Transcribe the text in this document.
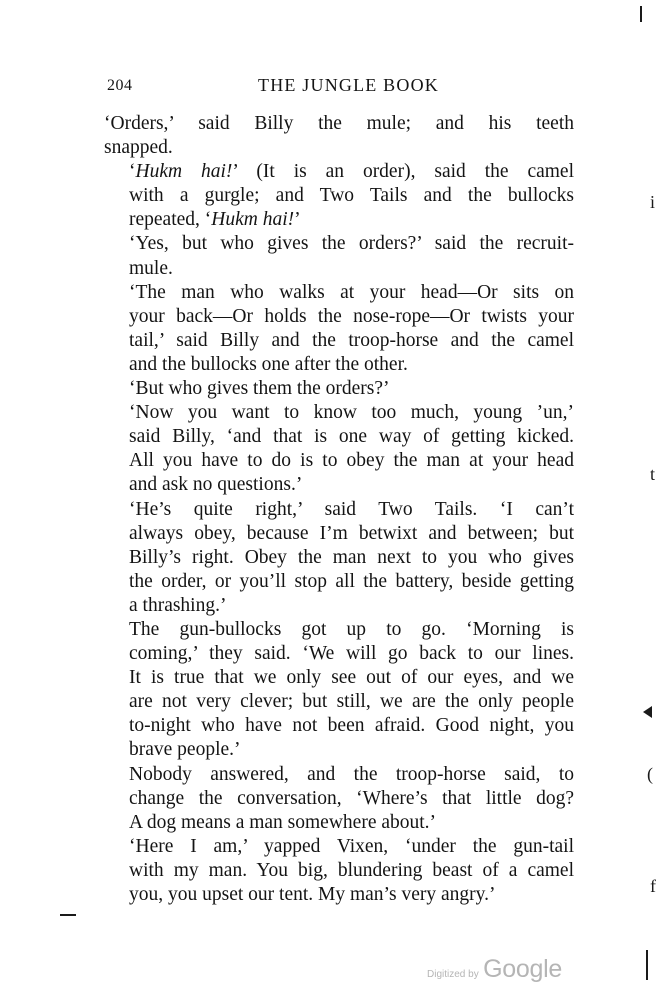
204	THE JUNGLE BOOK

‘Orders,’ said Billy the mule; and his teeth
snapped.

‘Hukm hai!’ (It is an order), said the camel
with a gurgle; and Two Tails and the bullocks
repeated, ‘Hukm hai!’

‘Yes, but who gives the orders?’ said the recruit-
mule.

‘The man who walks at your head—Or sits on
your back—Or holds the nose-rope—Or twists your
tail,’ said Billy and the troop-horse and the camel
and the bullocks one after the other.

‘But who gives them the orders?’

‘Now you want to know too much, young ’un,’
said Billy, ‘and that is one way of getting kicked.
All you have to do is to obey the man at your head
and ask no questions.’

‘He’s quite right,’ said Two Tails. ‘I can’t
always obey, because I’m betwixt and between; but
Billy’s right. Obey the man next to you who gives
the order, or you’ll stop all the battery, beside getting
a thrashing.’

The gun-bullocks got up to go. ‘Morning is
coming,’ they said. ‘We will go back to our lines.
It is true that we only see out of our eyes, and we
are not very clever; but still, we are the only people
to-night who have not been afraid. Good night, you
brave people.’

Nobody answered, and the troop-horse said, to
change the conversation, ‘Where’s that little dog?
A dog means a man somewhere about.’

‘Here I am,’ yapped Vixen, ‘under the gun-tail
with my man. You big, blundering beast of a camel
you, you upset our tent. My man’s very angry.’

Digitized by Google
i
t
(
f
